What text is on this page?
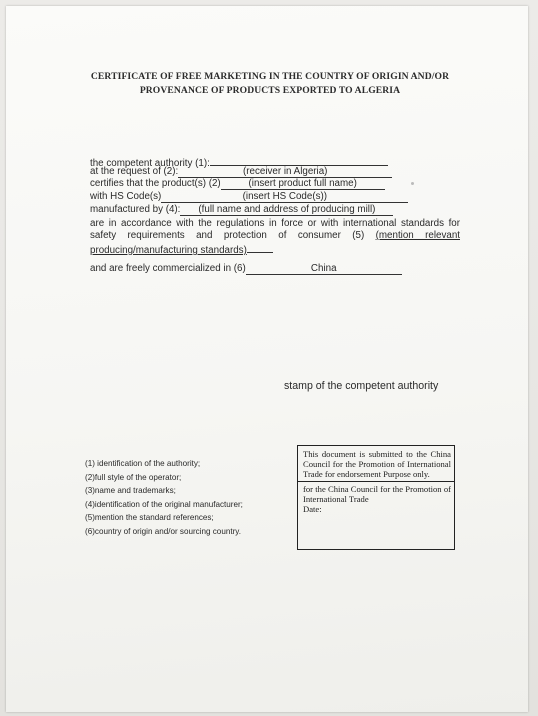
CERTIFICATE OF FREE MARKETING IN THE COUNTRY OF ORIGIN AND/OR
PROVENANCE OF PRODUCTS EXPORTED TO ALGERIA
the competent authority (1):
at the request of (2):	(receiver in Algeria)
certifies that the product(s) (2)	(insert product full name)
with HS Code(s)	(insert HS Code(s))
manufactured by (4): (full name and address of producing mill)
are in accordance with the regulations in force or with international standards for safety requirements and protection of consumer (5) (mention relevant producing/manufacturing standards)
and are freely commercialized in (6)	China
stamp of the competent authority
(1) identification of the authority;
(2)full style of the operator;
(3)name and trademarks;
(4)identification of the original manufacturer;
(5)mention the standard references;
(6)country of origin and/or sourcing country.
This document is submitted to the China Council for the Promotion of International Trade for endorsement Purpose only.
for the China Council for the Promotion of International Trade
Date:
